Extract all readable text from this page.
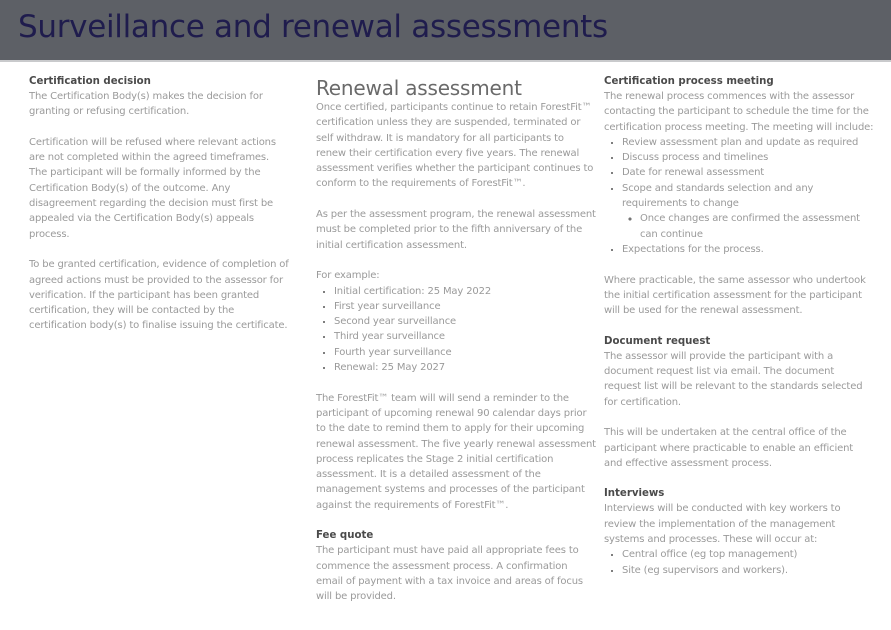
Surveillance and renewal assessments
Certification decision

The Certification Body(s) makes the decision for granting or refusing certification.

Certification will be refused where relevant actions are not completed within the agreed timeframes. The participant will be formally informed by the Certification Body(s) of the outcome. Any disagreement regarding the decision must first be appealed via the Certification Body(s) appeals process.

To be granted certification, evidence of completion of agreed actions must be provided to the assessor for verification. If the participant has been granted certification, they will be contacted by the certification body(s) to finalise issuing the certificate.

Renewal assessment

Once certified, participants continue to retain ForestFit™ certification unless they are suspended, terminated or self withdraw. It is mandatory for all participants to renew their certification every five years. The renewal assessment verifies whether the participant continues to conform to the requirements of ForestFit™.

As per the assessment program, the renewal assessment must be completed prior to the fifth anniversary of the initial certification assessment.

For example:

• Initial certification: 25 May 2022
• First year surveillance
• Second year surveillance
• Third year surveillance
• Fourth year surveillance
• Renewal: 25 May 2027

The ForestFit™ team will will send a reminder to the participant of upcoming renewal 90 calendar days prior to the date to remind them to apply for their upcoming renewal assessment. The five yearly renewal assessment process replicates the Stage 2 initial certification assessment. It is a detailed assessment of the management systems and processes of the participant against the requirements of ForestFit™.

Fee quote

The participant must have paid all appropriate fees to commence the assessment process. A confirmation email of payment with a tax invoice and areas of focus will be provided.

Certification process meeting

The renewal process commences with the assessor contacting the participant to schedule the time for the certification process meeting. The meeting will include:

• Review assessment plan and update as required
• Discuss process and timelines
• Date for renewal assessment
• Scope and standards selection and any requirements to change
◦ Once changes are confirmed the assessment can continue
• Expectations for the process.

Where practicable, the same assessor who undertook the initial certification assessment for the participant will be used for the renewal assessment.

Document request

The assessor will provide the participant with a document request list via email. The document request list will be relevant to the standards selected for certification.

This will be undertaken at the central office of the participant where practicable to enable an efficient and effective assessment process.

Interviews

Interviews will be conducted with key workers to review the implementation of the management systems and processes. These will occur at:

• Central office (eg top management)
• Site (eg supervisors and workers).
